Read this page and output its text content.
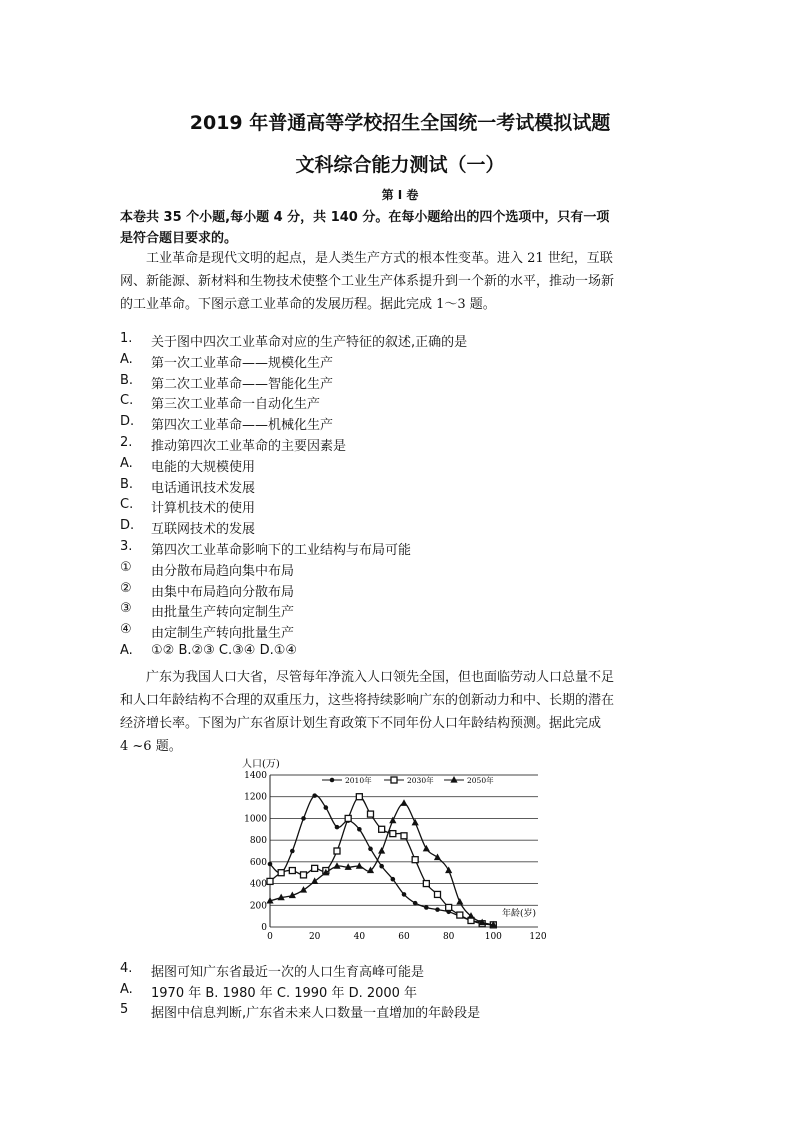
2019 年普通高等学校招生全国统一考试模拟试题
文科综合能力测试（一）
第 I 卷
本卷共 35 个小题,每小题 4 分，共 140 分。在每小题给出的四个选项中，只有一项
是符合题目要求的。
工业革命是现代文明的起点，是人类生产方式的根本性变革。进入 21 世纪，互联
网、新能源、新材料和生物技术使整个工业生产体系提升到一个新的水平，推动一场新
的工业革命。下图示意工业革命的发展历程。据此完成 1～3 题。
1. 关于图中四次工业革命对应的生产特征的叙述,正确的是
A. 第一次工业革命——规模化生产
B. 第二次工业革命——智能化生产
C. 第三次工业革命一自动化生产
D. 第四次工业革命——机械化生产
2. 推动第四次工业革命的主要因素是
A. 电能的大规模使用
B. 电话通讯技术发展
C. 计算机技术的使用
D. 互联网技术的发展
3. 第四次工业革命影响下的工业结构与布局可能
① 由分散布局趋向集中布局
② 由集中布局趋向分散布局
③ 由批量生产转向定制生产
④ 由定制生产转向批量生产
A. ①② B.②③ C.③④ D.①④
广东为我国人口大省，尽管每年净流入人口领先全国，但也面临劳动人口总量不足
和人口年龄结构不合理的双重压力，这些将持续影响广东的创新动力和中、长期的潜在
经济增长率。下图为广东省原计划生育政策下不同年份人口年龄结构预测。据此完成
4 ~6 题。
人口(万)
年龄(岁)
0
200
400
600
800
1000
1200
1400
0	20	40	60	80	100	120
2010年	2030年	2050年
4. 据图可知广东省最近一次的人口生育高峰可能是
A. 1970 年 B. 1980 年 C. 1990 年 D. 2000 年
5 据图中信息判断,广东省未来人口数量一直增加的年龄段是
